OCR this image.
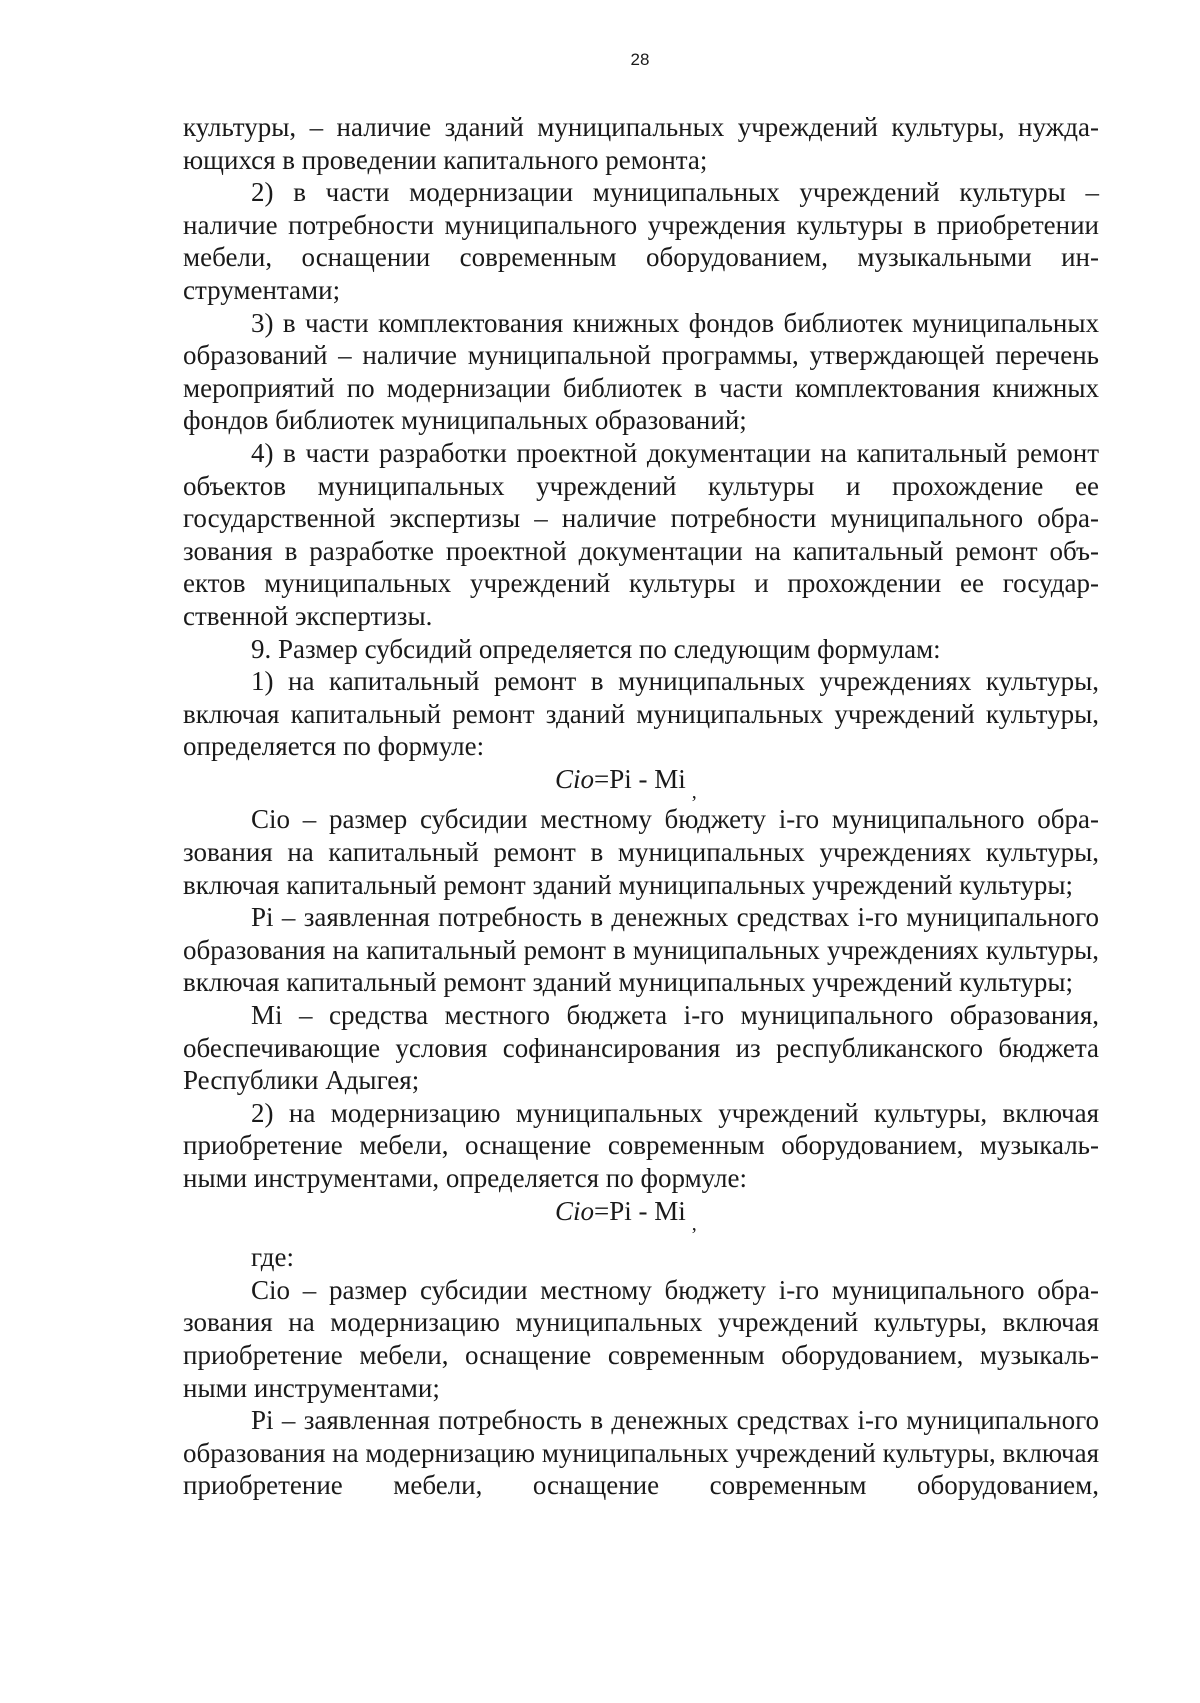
28

культуры, – наличие зданий муниципальных учреждений культуры, нуждающихся в проведении капитального ремонта;

2) в части модернизации муниципальных учреждений культуры – наличие потребности муниципального учреждения культуры в приобретении мебели, оснащении современным оборудованием, музыкальными инструментами;

3) в части комплектования книжных фондов библиотек муниципальных образований – наличие муниципальной программы, утверждающей перечень мероприятий по модернизации библиотек в части комплектования книжных фондов библиотек муниципальных образований;

4) в части разработки проектной документации на капитальный ремонт объектов муниципальных учреждений культуры и прохождение ее государственной экспертизы – наличие потребности муниципального образования в разработке проектной документации на капитальный ремонт объектов муниципальных учреждений культуры и прохождении ее государственной экспертизы.

9. Размер субсидий определяется по следующим формулам:

1) на капитальный ремонт в муниципальных учреждениях культуры, включая капитальный ремонт зданий муниципальных учреждений культуры, определяется по формуле:

Cio=Pi - Mi $_,$

Сiо – размер субсидии местному бюджету i-го муниципального образования на капитальный ремонт в муниципальных учреждениях культуры, включая капитальный ремонт зданий муниципальных учреждений культуры;

Pi – заявленная потребность в денежных средствах i-го муниципального образования на капитальный ремонт в муниципальных учреждениях культуры, включая капитальный ремонт зданий муниципальных учреждений культуры;

Mi – средства местного бюджета i-го муниципального образования, обеспечивающие условия софинансирования из республиканского бюджета Республики Адыгея;

2) на модернизацию муниципальных учреждений культуры, включая приобретение мебели, оснащение современным оборудованием, музыкальными инструментами, определяется по формуле:

Cio=Pi - Mi $_,$

где:

Сiо – размер субсидии местному бюджету i-го муниципального образования на модернизацию муниципальных учреждений культуры, включая приобретение мебели, оснащение современным оборудованием, музыкальными инструментами;

Pi – заявленная потребность в денежных средствах i-го муниципального образования на модернизацию муниципальных учреждений культуры, включая приобретение мебели, оснащение современным оборудованием,
